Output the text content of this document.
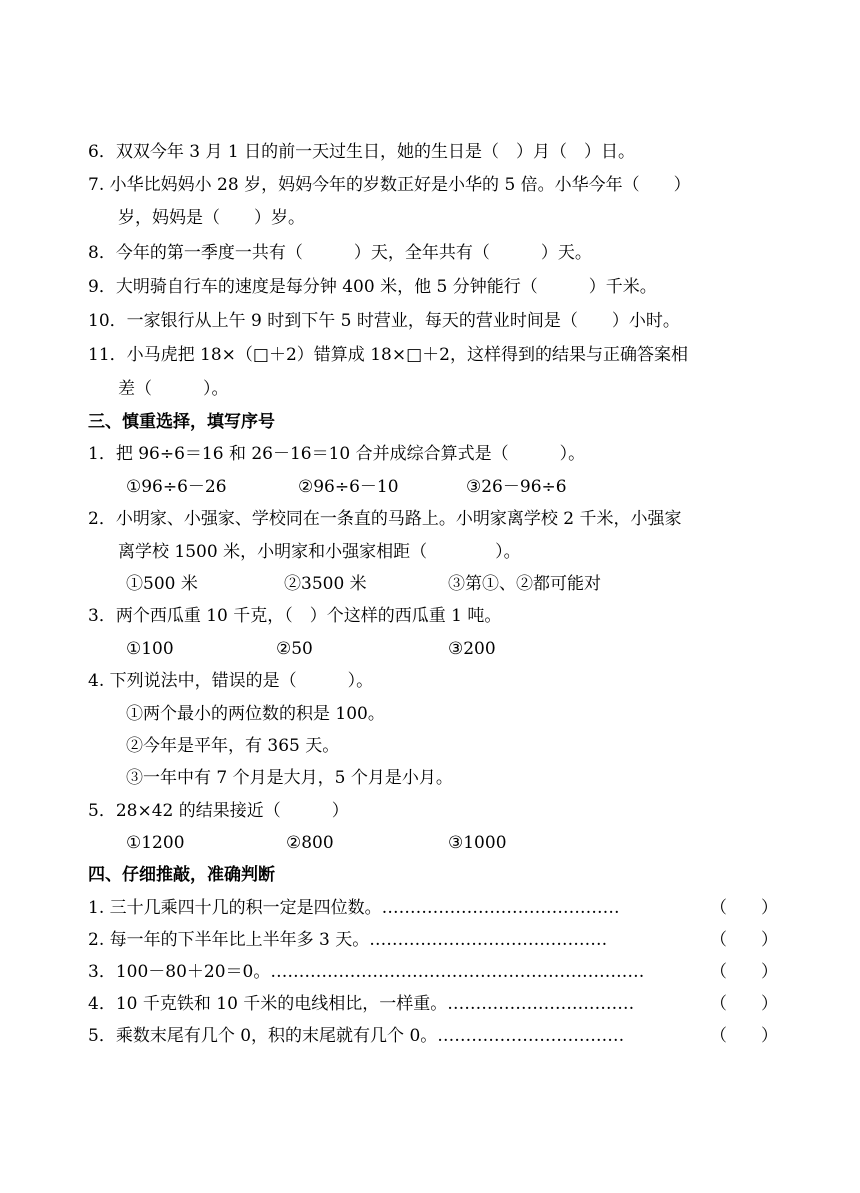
6．双双今年 3 月 1 日的前一天过生日，她的生日是（　）月（　）日。
7. 小华比妈妈小 28 岁，妈妈今年的岁数正好是小华的 5 倍。小华今年（　　）
岁，妈妈是（　　）岁。
8．今年的第一季度一共有（　　　）天，全年共有（　　　）天。
9．大明骑自行车的速度是每分钟 400 米，他 5 分钟能行（　　　）千米。
10．一家银行从上午 9 时到下午 5 时营业，每天的营业时间是（　　）小时。
11．小马虎把 18×（□＋2）错算成 18×□＋2，这样得到的结果与正确答案相
差（　　　）。
三、慎重选择，填写序号
1．把 96÷6＝16 和 26－16＝10 合并成综合算式是（　　　）。
①96÷6－26	②96÷6－10	③26－96÷6
2．小明家、小强家、学校同在一条直的马路上。小明家离学校 2 千米，小强家
离学校 1500 米，小明家和小强家相距（　　　　）。
①500 米	②3500 米	③第①、②都可能对
3．两个西瓜重 10 千克，（　）个这样的西瓜重 1 吨。
①100	②50	③200
4. 下列说法中，错误的是（　　　）。
①两个最小的两位数的积是 100。
②今年是平年，有 365 天。
③一年中有 7 个月是大月，5 个月是小月。
5．28×42 的结果接近（　　　）
①1200	②800	③1000
四、仔细推敲，准确判断
1. 三十几乘四十几的积一定是四位数。……………………………………	（　　）
2. 每一年的下半年比上半年多 3 天。……………………………………	（　　）
3．100－80＋20＝0。…………………………………………………………	（　　）
4．10 千克铁和 10 千米的电线相比，一样重。……………………………	（　　）
5．乘数末尾有几个 0，积的末尾就有几个 0。……………………………	（　　）
